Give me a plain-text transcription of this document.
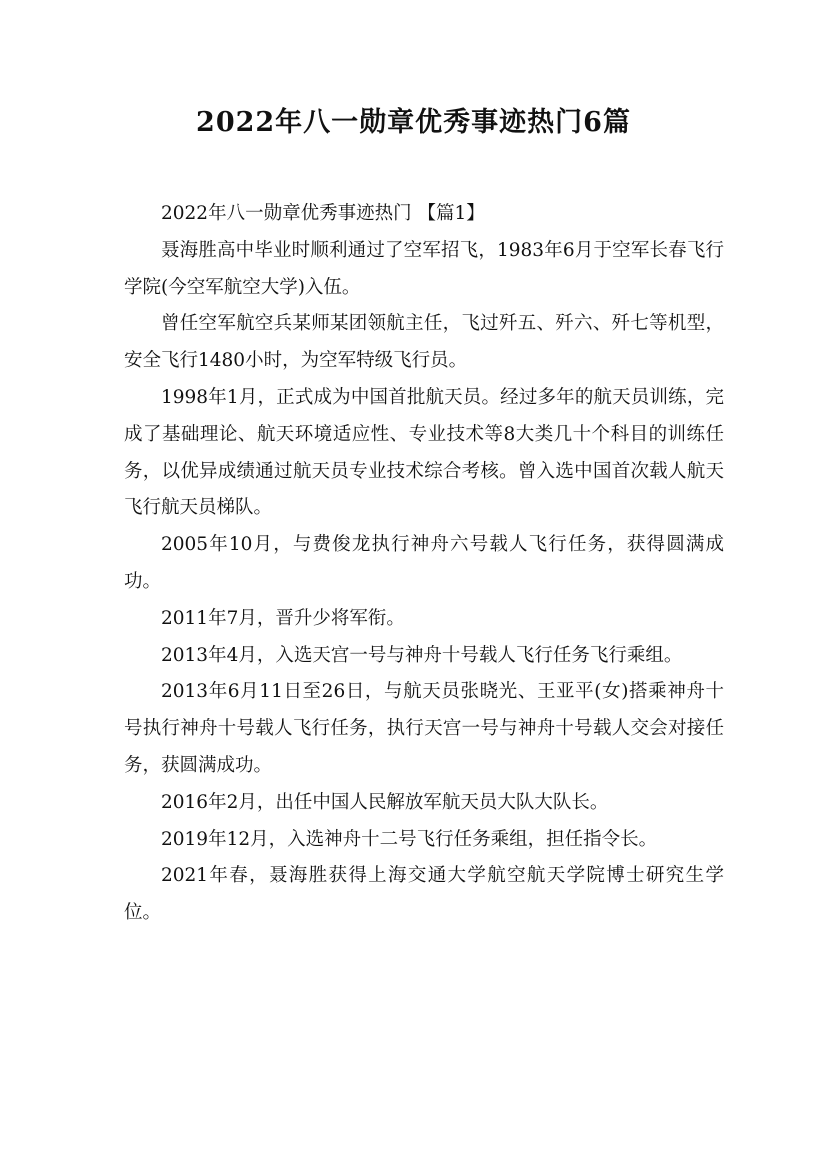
2022年八一勋章优秀事迹热门6篇

2022年八一勋章优秀事迹热门 【篇1】

聂海胜高中毕业时顺利通过了空军招飞，1983年6月于空军长春飞行学院(今空军航空大学)入伍。

曾任空军航空兵某师某团领航主任，飞过歼五、歼六、歼七等机型，安全飞行1480小时，为空军特级飞行员。

1998年1月，正式成为中国首批航天员。经过多年的航天员训练，完成了基础理论、航天环境适应性、专业技术等8大类几十个科目的训练任务，以优异成绩通过航天员专业技术综合考核。曾入选中国首次载人航天飞行航天员梯队。

2005年10月，与费俊龙执行神舟六号载人飞行任务，获得圆满成功。

2011年7月，晋升少将军衔。

2013年4月，入选天宫一号与神舟十号载人飞行任务飞行乘组。

2013年6月11日至26日，与航天员张晓光、王亚平(女)搭乘神舟十号执行神舟十号载人飞行任务，执行天宫一号与神舟十号载人交会对接任务，获圆满成功。

2016年2月，出任中国人民解放军航天员大队大队长。

2019年12月，入选神舟十二号飞行任务乘组，担任指令长。

2021年春，聂海胜获得上海交通大学航空航天学院博士研究生学位。
